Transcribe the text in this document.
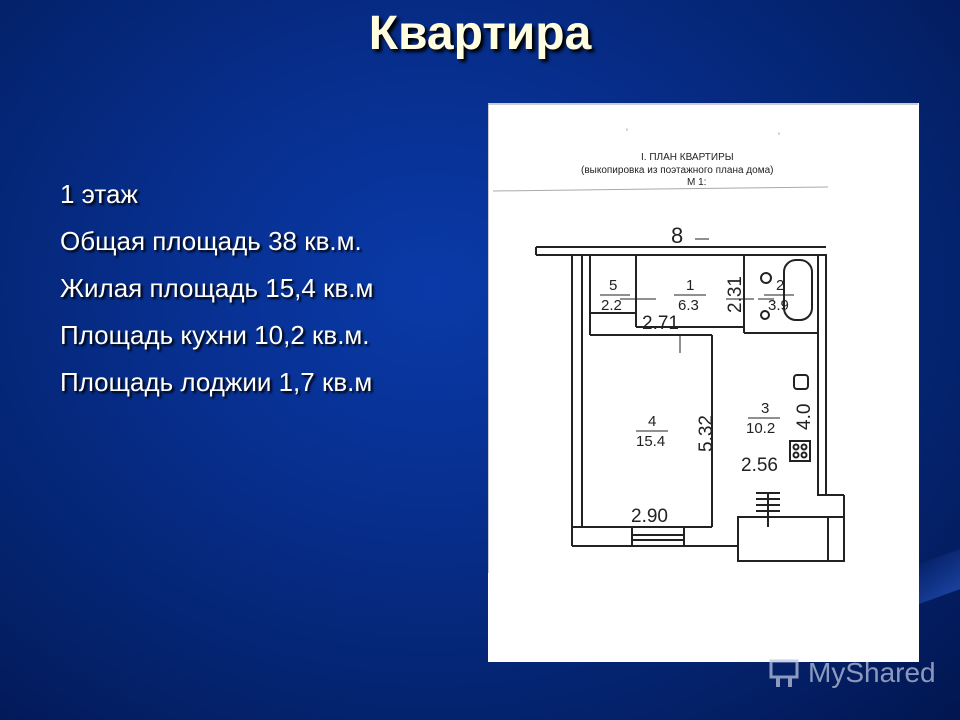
Квартира
1 этаж
Общая площадь 38 кв.м.
Жилая площадь 15,4 кв.м
Площадь кухни 10,2 кв.м.
Площадь лоджии 1,7 кв.м
‘	‘
I. ПЛАН КВАРТИРЫ
(выкопировка из поэтажного плана дома)
М 1:
8
5
2.2
1
6.3
2
3.9
4
15.4
3
10.2
2.31
2.71
5.32	4.0
2.56
2.90
MyShared
